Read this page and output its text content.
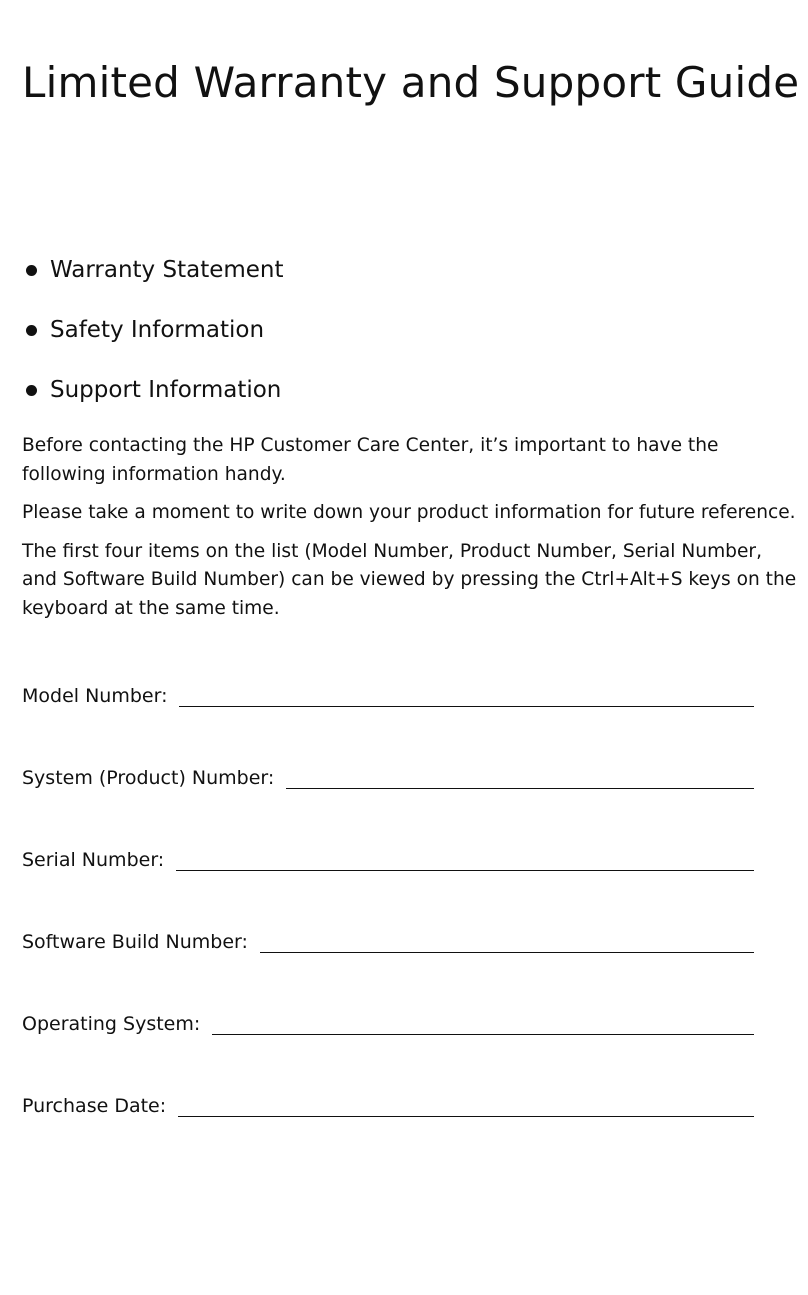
Limited Warranty and Support Guide
Warranty Statement
Safety Information
Support Information

Before contacting the HP Customer Care Center, it’s important to have the following information handy.

Please take a moment to write down your product information for future reference.

The first four items on the list (Model Number, Product Number, Serial Number, and Software Build Number) can be viewed by pressing the Ctrl+Alt+S keys on the keyboard at the same time.

Model Number:
System (Product) Number:
Serial Number:
Software Build Number:
Operating System:
Purchase Date:
